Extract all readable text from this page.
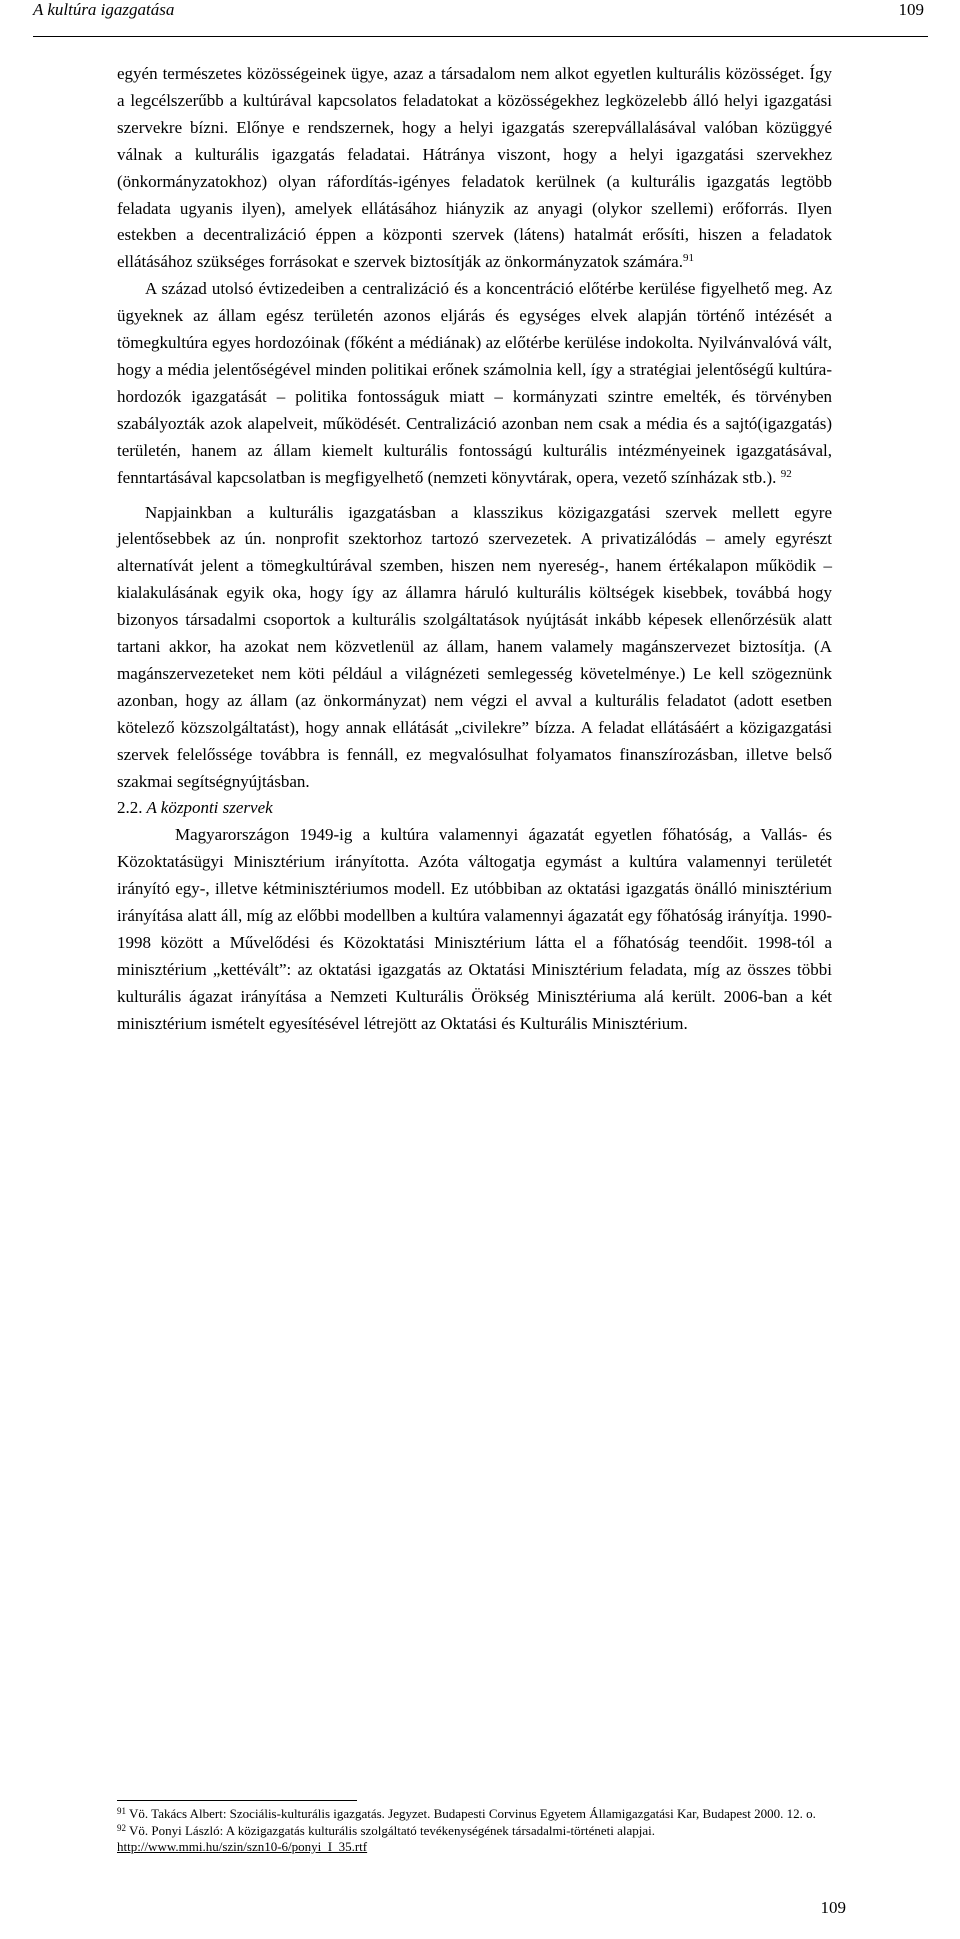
A kultúra igazgatása	109

egyén természetes közösségeinek ügye, azaz a társadalom nem alkot egyetlen kulturális közösséget. Így a legcélszerűbb a kultúrával kapcsolatos feladatokat a közösségekhez legközelebb álló helyi igazgatási szervekre bízni. Előnye e rendszernek, hogy a helyi igazgatás szerepvállalásával valóban közüggyé válnak a kulturális igazgatás feladatai. Hátránya viszont, hogy a helyi igazgatási szervekhez (önkormányzatokhoz) olyan ráfordítás-igényes feladatok kerülnek (a kulturális igazgatás legtöbb feladata ugyanis ilyen), amelyek ellátásához hiányzik az anyagi (olykor szellemi) erőforrás. Ilyen estekben a decentralizáció éppen a központi szervek (látens) hatalmát erősíti, hiszen a feladatok ellátásához szükséges forrásokat e szervek biztosítják az önkormányzatok számára.$^{91}$

A század utolsó évtizedeiben a centralizáció és a koncentráció előtérbe kerülése figyelhető meg. Az ügyeknek az állam egész területén azonos eljárás és egységes elvek alapján történő intézését a tömegkultúra egyes hordozóinak (főként a médiának) az előtérbe kerülése indokolta. Nyilvánvalóvá vált, hogy a média jelentőségével minden politikai erőnek számolnia kell, így a stratégiai jelentőségű kultúra-hordozók igazgatását – politika fontosságuk miatt – kormányzati szintre emelték, és törvényben szabályozták azok alapelveit, működését. Centralizáció azonban nem csak a média és a sajtó(igazgatás) területén, hanem az állam kiemelt kulturális fontosságú kulturális intézményeinek igazgatásával, fenntartásával kapcsolatban is megfigyelhető (nemzeti könyvtárak, opera, vezető színházak stb.). $^{92}$

Napjainkban a kulturális igazgatásban a klasszikus közigazgatási szervek mellett egyre jelentősebbek az ún. nonprofit szektorhoz tartozó szervezetek. A privatizálódás – amely egyrészt alternatívát jelent a tömegkultúrával szemben, hiszen nem nyereség-, hanem értékalapon működik – kialakulásának egyik oka, hogy így az államra háruló kulturális költségek kisebbek, továbbá hogy bizonyos társadalmi csoportok a kulturális szolgáltatások nyújtását inkább képesek ellenőrzésük alatt tartani akkor, ha azokat nem közvetlenül az állam, hanem valamely magánszervezet biztosítja. (A magánszervezeteket nem köti például a világnézeti semlegesség követelménye.) Le kell szögeznünk azonban, hogy az állam (az önkormányzat) nem végzi el avval a kulturális feladatot (adott esetben kötelező közszolgáltatást), hogy annak ellátását „civilekre” bízza. A feladat ellátásáért a közigazgatási szervek felelőssége továbbra is fennáll, ez megvalósulhat folyamatos finanszírozásban, illetve belső szakmai segítségnyújtásban.

2.2. A központi szervek

Magyarországon 1949-ig a kultúra valamennyi ágazatát egyetlen főhatóság, a Vallás- és Közoktatásügyi Minisztérium irányította. Azóta váltogatja egymást a kultúra valamennyi területét irányító egy-, illetve kétminisztériumos modell. Ez utóbbiban az oktatási igazgatás önálló minisztérium irányítása alatt áll, míg az előbbi modellben a kultúra valamennyi ágazatát egy főhatóság irányítja. 1990-1998 között a Művelődési és Közoktatási Minisztérium látta el a főhatóság teendőit. 1998-tól a minisztérium „kettévált”: az oktatási igazgatás az Oktatási Minisztérium feladata, míg az összes többi kulturális ágazat irányítása a Nemzeti Kulturális Örökség Minisztériuma alá került. 2006-ban a két minisztérium ismételt egyesítésével létrejött az Oktatási és Kulturális Minisztérium.

$^{91}$ Vö. Takács Albert: Szociális-kulturális igazgatás. Jegyzet. Budapesti Corvinus Egyetem Államigazgatási Kar, Budapest 2000. 12. o.

$^{92}$ Vö. Ponyi László: A közigazgatás kulturális szolgáltató tevékenységének társadalmi-történeti alapjai.
http://www.mmi.hu/szin/szn10-6/ponyi_I_35.rtf

109
